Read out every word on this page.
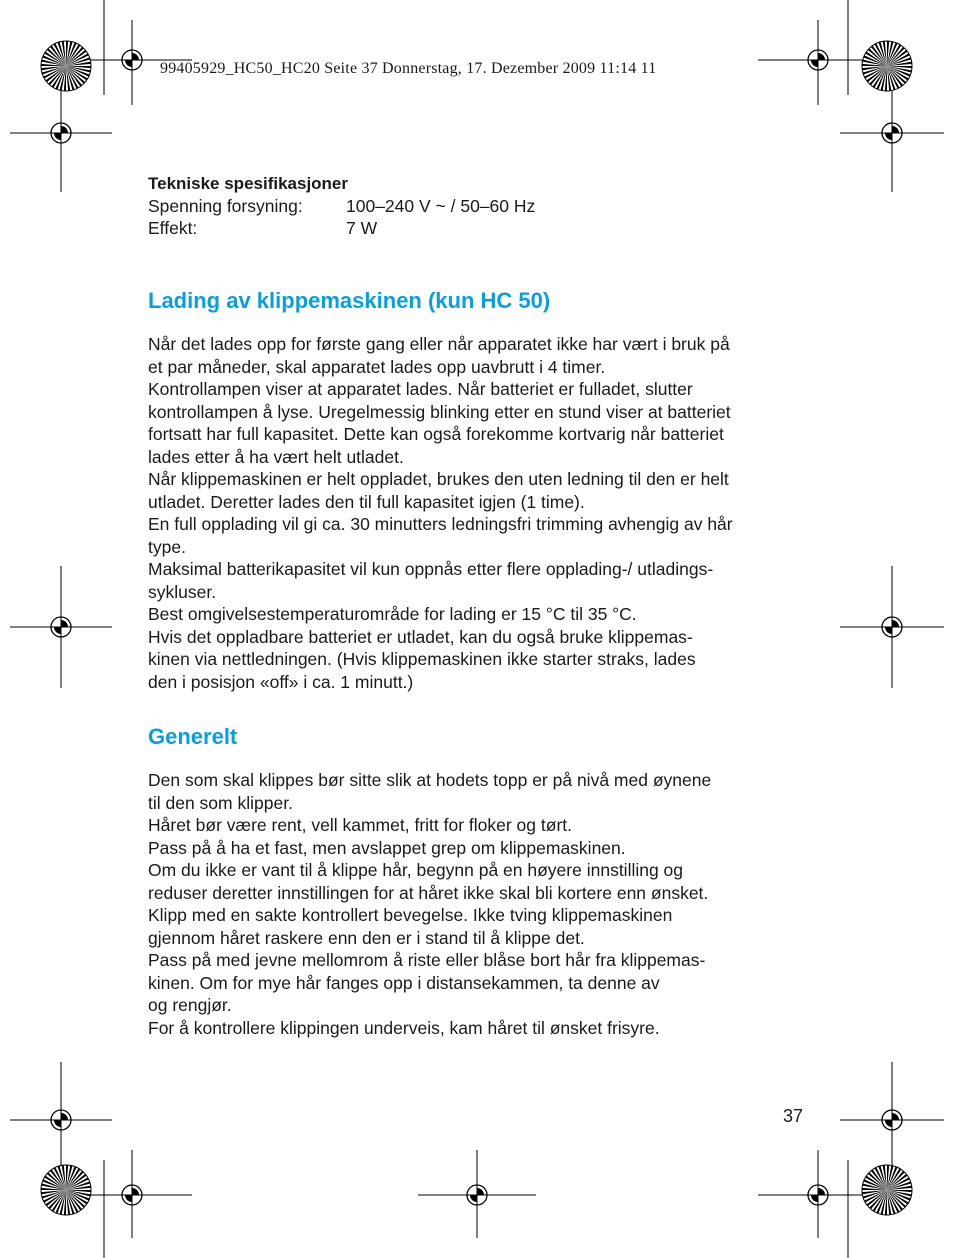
99405929_HC50_HC20 Seite 37 Donnerstag, 17. Dezember 2009 11:14 11
Tekniske spesifikasjoner
Spenning forsyning:	100–240 V ~ / 50–60 Hz
Effekt:	7 W
Lading av klippemaskinen (kun HC 50)

Når det lades opp for første gang eller når apparatet ikke har vært i bruk på

et par måneder, skal apparatet lades opp uavbrutt i 4 timer.

Kontrollampen viser at apparatet lades. Når batteriet er fulladet, slutter

kontrollampen å lyse. Uregelmessig blinking etter en stund viser at batteriet

fortsatt har full kapasitet. Dette kan også forekomme kortvarig når batteriet

lades etter å ha vært helt utladet.

Når klippemaskinen er helt oppladet, brukes den uten ledning til den er helt

utladet. Deretter lades den til full kapasitet igjen (1 time).

En full opplading vil gi ca. 30 minutters ledningsfri trimming avhengig av hår

type.

Maksimal batterikapasitet vil kun oppnås etter flere opplading-/ utladings-

sykluser.

Best omgivelsestemperaturområde for lading er 15 °C til 35 °C.

Hvis det oppladbare batteriet er utladet, kan du også bruke klippemas-

kinen via nettledningen. (Hvis klippemaskinen ikke starter straks, lades

den i posisjon «off» i ca. 1 minutt.)

Generelt

Den som skal klippes bør sitte slik at hodets topp er på nivå med øynene

til den som klipper.

Håret bør være rent, vell kammet, fritt for floker og tørt.

Pass på å ha et fast, men avslappet grep om klippemaskinen.

Om du ikke er vant til å klippe hår, begynn på en høyere innstilling og

reduser deretter innstillingen for at håret ikke skal bli kortere enn ønsket.

Klipp med en sakte kontrollert bevegelse. Ikke tving klippemaskinen

gjennom håret raskere enn den er i stand til å klippe det.

Pass på med jevne mellomrom å riste eller blåse bort hår fra klippemas-

kinen. Om for mye hår fanges opp i distansekammen, ta denne av

og rengjør.

For å kontrollere klippingen underveis, kam håret til ønsket frisyre.

37
